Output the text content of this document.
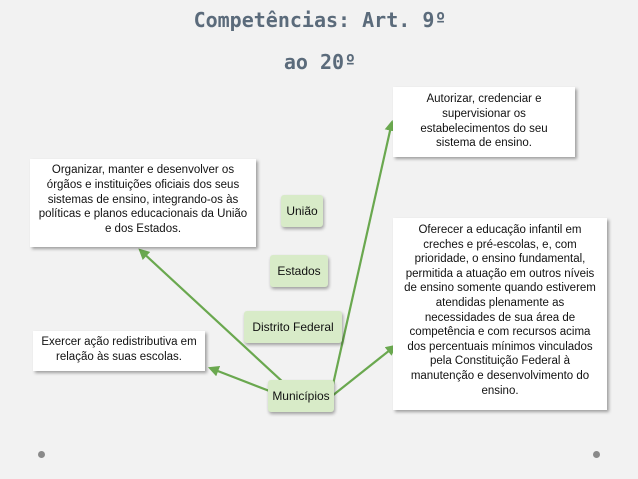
Competências: Art. 9º
ao 20º
Autorizar, credenciar e supervisionar os estabelecimentos do seu sistema de ensino.
Organizar, manter e desenvolver os órgãos e instituições oficiais dos seus sistemas de ensino, integrando-os às políticas e planos educacionais da União e dos Estados.
Exercer ação redistributiva em relação às suas escolas.
Oferecer a educação infantil em creches e pré-escolas, e, com prioridade, o ensino fundamental, permitida a atuação em outros níveis de ensino somente quando estiverem atendidas plenamente as necessidades de sua área de competência e com recursos acima dos percentuais mínimos vinculados pela Constituição Federal à manutenção e desenvolvimento do ensino.
União
Estados
Distrito Federal
Municípios
